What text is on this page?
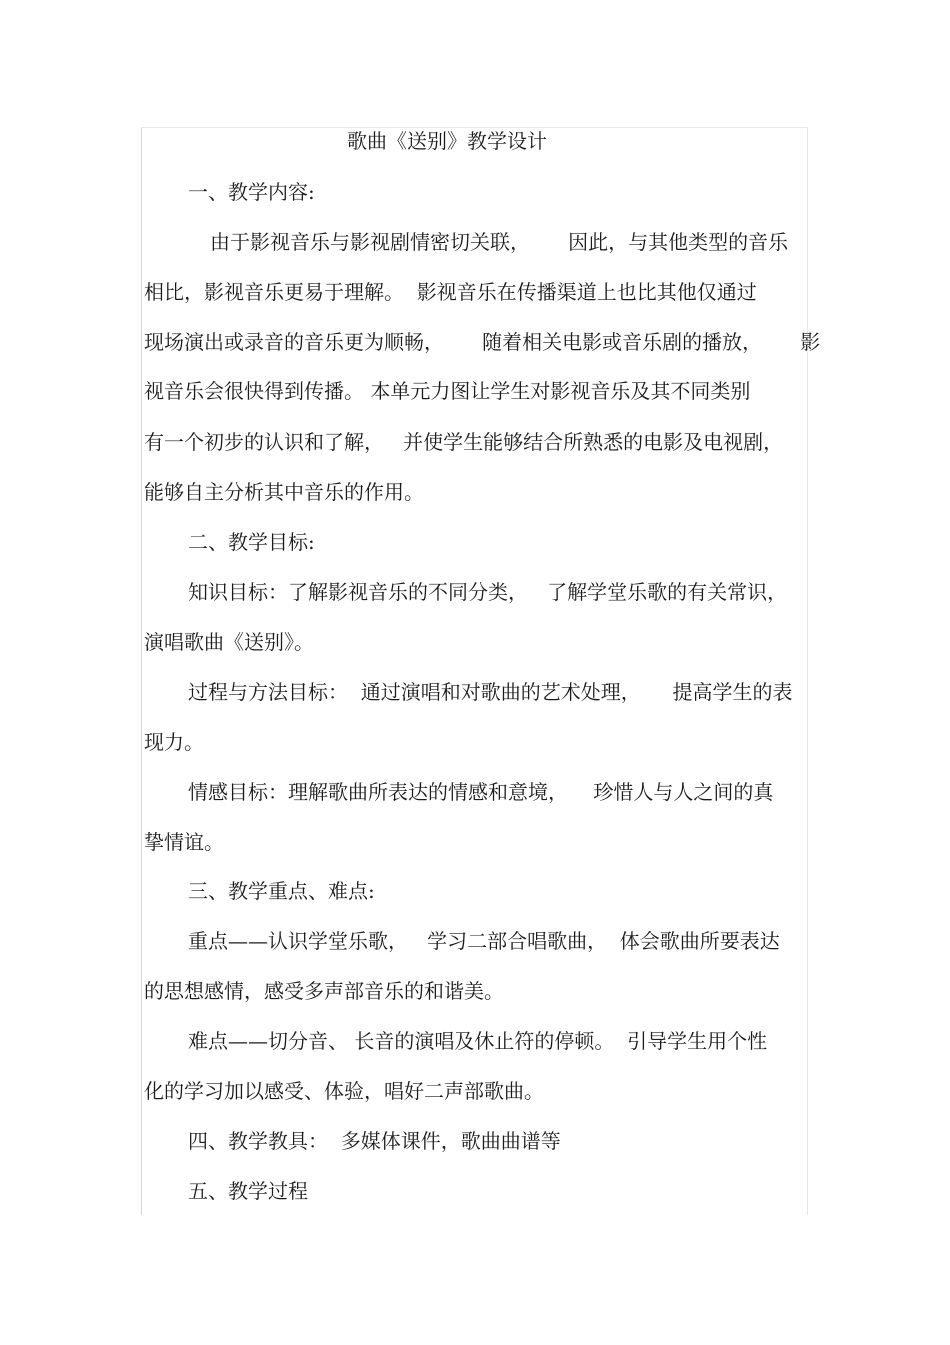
歌曲《送别》教学设计
一、教学内容:
由于影视音乐与影视剧情密切关联，      因此，与其他类型的音乐
相比，影视音乐更易于理解。  影视音乐在传播渠道上也比其他仅通过
现场演出或录音的音乐更为顺畅，      随着相关电影或音乐剧的播放，      影
视音乐会很快得到传播。 本单元力图让学生对影视音乐及其不同类别
有一个初步的认识和了解，   并使学生能够结合所熟悉的电影及电视剧，
能够自主分析其中音乐的作用。
二、教学目标:
知识目标：了解影视音乐的不同分类，   了解学堂乐歌的有关常识，
演唱歌曲《送别》。
过程与方法目标：  通过演唱和对歌曲的艺术处理，     提高学生的表
现力。
情感目标：理解歌曲所表达的情感和意境，    珍惜人与人之间的真
挚情谊。
三、教学重点、难点:
重点——认识学堂乐歌，   学习二部合唱歌曲，  体会歌曲所要表达
的思想感情，感受多声部音乐的和谐美。
难点——切分音、 长音的演唱及休止符的停顿。  引导学生用个性
化的学习加以感受、体验，唱好二声部歌曲。
四、教学教具：  多媒体课件，歌曲曲谱等
五、教学过程
